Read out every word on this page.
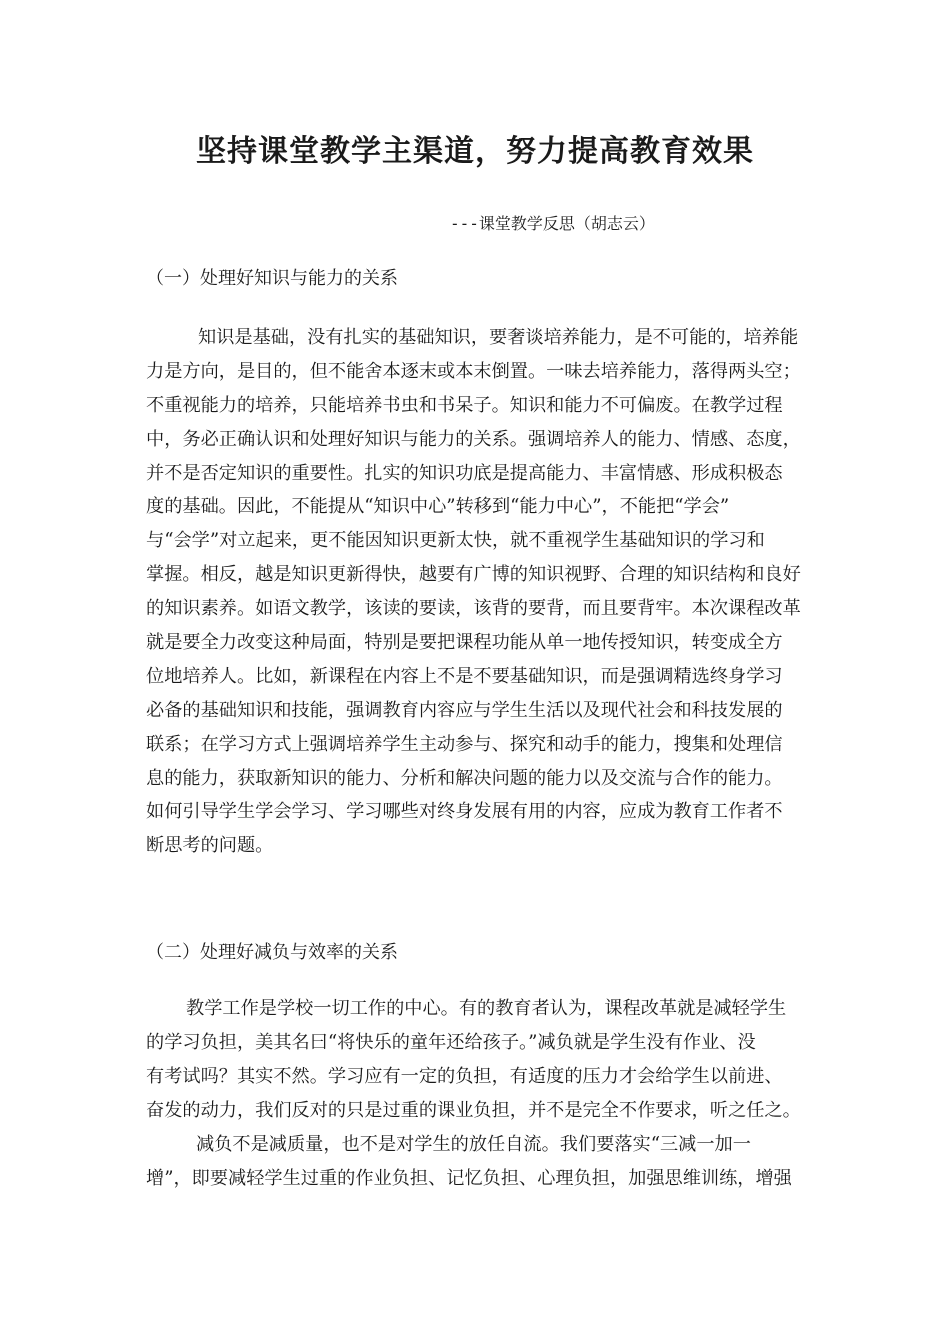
坚持课堂教学主渠道，努力提高教育效果
---课堂教学反思（胡志云）
（一）处理好知识与能力的关系
知识是基础，没有扎实的基础知识，要奢谈培养能力，是不可能的，培养能
力是方向，是目的，但不能舍本逐末或本末倒置。一味去培养能力，落得两头空；
不重视能力的培养，只能培养书虫和书呆子。知识和能力不可偏废。在教学过程
中，务必正确认识和处理好知识与能力的关系。强调培养人的能力、情感、态度，
并不是否定知识的重要性。扎实的知识功底是提高能力、丰富情感、形成积极态
度的基础。因此，不能提从“知识中心”转移到“能力中心”，不能把“学会”
与“会学”对立起来，更不能因知识更新太快，就不重视学生基础知识的学习和
掌握。相反，越是知识更新得快，越要有广博的知识视野、合理的知识结构和良好
的知识素养。如语文教学，该读的要读，该背的要背，而且要背牢。本次课程改革
就是要全力改变这种局面，特别是要把课程功能从单一地传授知识，转变成全方
位地培养人。比如，新课程在内容上不是不要基础知识，而是强调精选终身学习
必备的基础知识和技能，强调教育内容应与学生生活以及现代社会和科技发展的
联系；在学习方式上强调培养学生主动参与、探究和动手的能力，搜集和处理信
息的能力，获取新知识的能力、分析和解决问题的能力以及交流与合作的能力。
如何引导学生学会学习、学习哪些对终身发展有用的内容，应成为教育工作者不
断思考的问题。
（二）处理好减负与效率的关系
教学工作是学校一切工作的中心。有的教育者认为，课程改革就是减轻学生
的学习负担，美其名曰“将快乐的童年还给孩子。”减负就是学生没有作业、没
有考试吗？其实不然。学习应有一定的负担，有适度的压力才会给学生以前进、
奋发的动力，我们反对的只是过重的课业负担，并不是完全不作要求，听之任之。
减负不是减质量，也不是对学生的放任自流。我们要落实“三减一加一
增”，即要减轻学生过重的作业负担、记忆负担、心理负担，加强思维训练，增强
